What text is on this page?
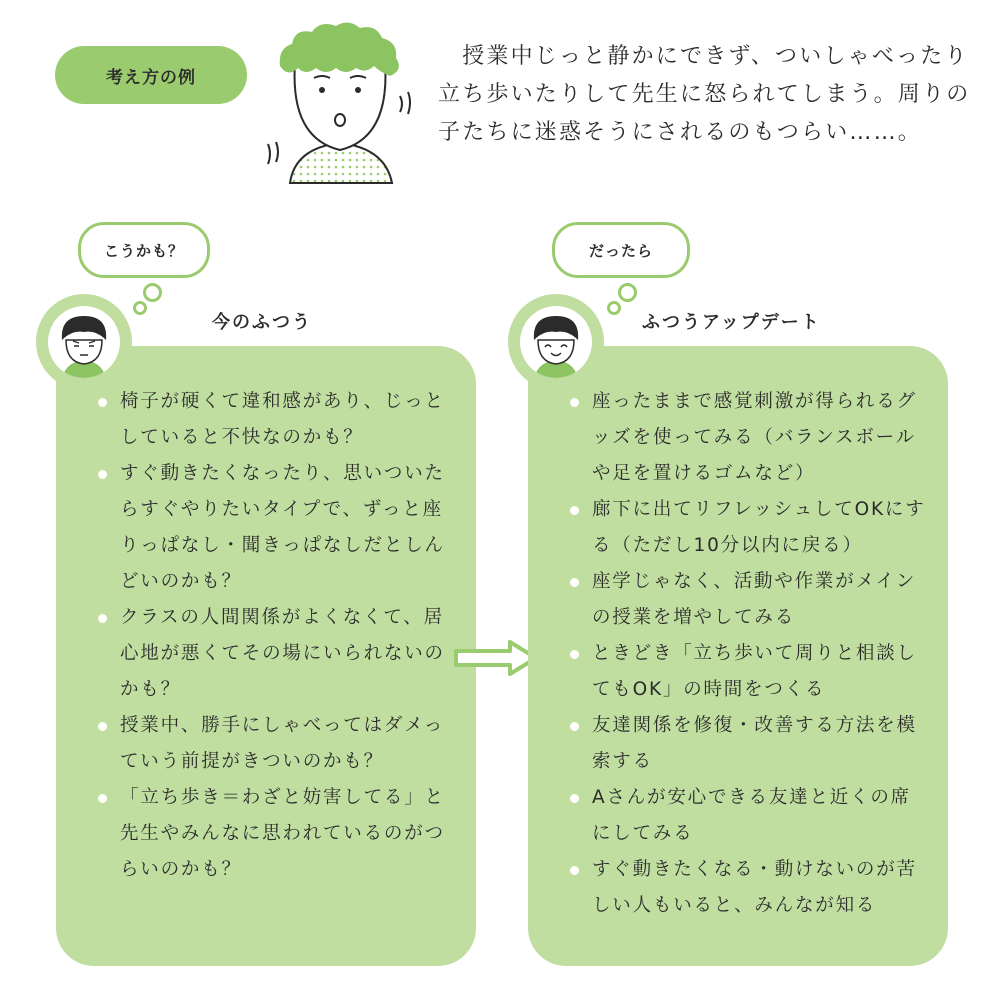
考え方の例

　授業中じっと静かにできず、ついしゃべったり

立ち歩いたりして先生に怒られてしまう。周りの

子たちに迷惑そうにされるのもつらい……。

こうかも？
今のふつう
椅子が硬くて違和感があり、じっとしていると不快なのかも？
すぐ動きたくなったり、思いついたらすぐやりたいタイプで、ずっと座りっぱなし・聞きっぱなしだとしんどいのかも？
クラスの人間関係がよくなくて、居心地が悪くてその場にいられないのかも？
授業中、勝手にしゃべってはダメっていう前提がきついのかも？
「立ち歩き＝わざと妨害してる」と先生やみんなに思われているのがつらいのかも？
だったら
ふつうアップデート
座ったままで感覚刺激が得られるグッズを使ってみる（バランスボールや足を置けるゴムなど）
廊下に出てリフレッシュしてOKにする（ただし10分以内に戻る）
座学じゃなく、活動や作業がメインの授業を増やしてみる
ときどき「立ち歩いて周りと相談してもOK」の時間をつくる
友達関係を修復・改善する方法を模索する
Aさんが安心できる友達と近くの席にしてみる
すぐ動きたくなる・動けないのが苦しい人もいると、みんなが知る
